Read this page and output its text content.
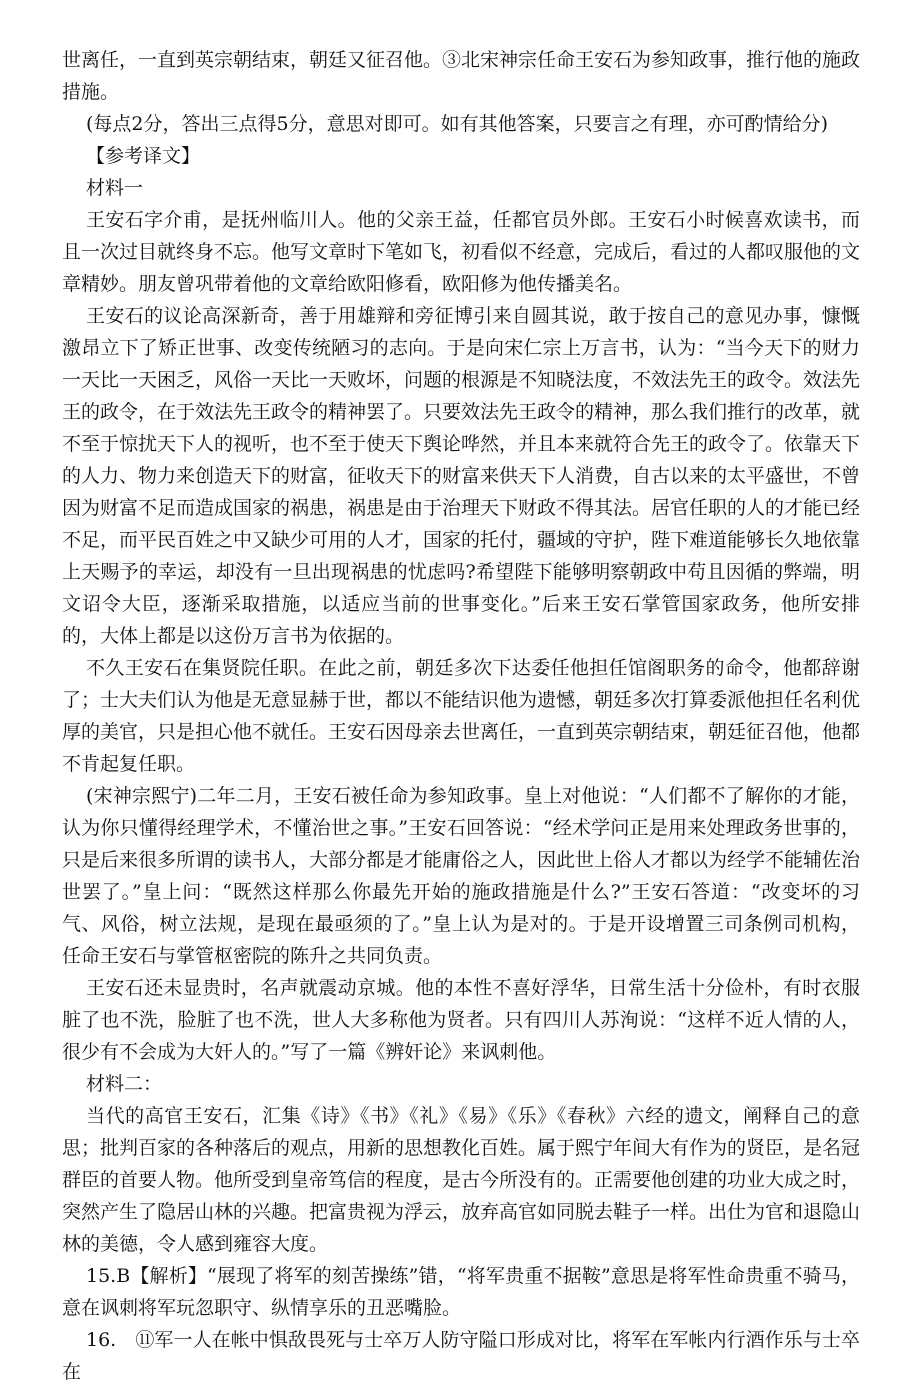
世离任，一直到英宗朝结束，朝廷又征召他。③北宋神宗任命王安石为参知政事，推行他的施政措施。

(每点2分，答出三点得5分，意思对即可。如有其他答案，只要言之有理，亦可酌情给分)

【参考译文】

材料一

王安石字介甫，是抚州临川人。他的父亲王益，任都官员外郎。王安石小时候喜欢读书，而且一次过目就终身不忘。他写文章时下笔如飞，初看似不经意，完成后，看过的人都叹服他的文章精妙。朋友曾巩带着他的文章给欧阳修看，欧阳修为他传播美名。

王安石的议论高深新奇，善于用雄辩和旁征博引来自圆其说，敢于按自己的意见办事，慷慨激昂立下了矫正世事、改变传统陋习的志向。于是向宋仁宗上万言书，认为：“当今天下的财力一天比一天困乏，风俗一天比一天败坏，问题的根源是不知晓法度，不效法先王的政令。效法先王的政令，在于效法先王政令的精神罢了。只要效法先王政令的精神，那么我们推行的改革，就不至于惊扰天下人的视听，也不至于使天下舆论哗然，并且本来就符合先王的政令了。依靠天下的人力、物力来创造天下的财富，征收天下的财富来供天下人消费，自古以来的太平盛世，不曾因为财富不足而造成国家的祸患，祸患是由于治理天下财政不得其法。居官任职的人的才能已经不足，而平民百姓之中又缺少可用的人才，国家的托付，疆域的守护，陛下难道能够长久地依靠上天赐予的幸运，却没有一旦出现祸患的忧虑吗?希望陛下能够明察朝政中苟且因循的弊端，明文诏令大臣，逐渐采取措施，以适应当前的世事变化。”后来王安石掌管国家政务，他所安排的，大体上都是以这份万言书为依据的。

不久王安石在集贤院任职。在此之前，朝廷多次下达委任他担任馆阁职务的命令，他都辞谢了；士大夫们认为他是无意显赫于世，都以不能结识他为遗憾，朝廷多次打算委派他担任名利优厚的美官，只是担心他不就任。王安石因母亲去世离任，一直到英宗朝结束，朝廷征召他，他都不肯起复任职。

(宋神宗熙宁)二年二月，王安石被任命为参知政事。皇上对他说：“人们都不了解你的才能，认为你只懂得经理学术，不懂治世之事。”王安石回答说：“经术学问正是用来处理政务世事的，只是后来很多所谓的读书人，大部分都是才能庸俗之人，因此世上俗人才都以为经学不能辅佐治世罢了。”皇上问：“既然这样那么你最先开始的施政措施是什么?”王安石答道：“改变坏的习气、风俗，树立法规，是现在最亟须的了。”皇上认为是对的。于是开设增置三司条例司机构，任命王安石与掌管枢密院的陈升之共同负责。

王安石还未显贵时，名声就震动京城。他的本性不喜好浮华，日常生活十分俭朴，有时衣服脏了也不洗，脸脏了也不洗，世人大多称他为贤者。只有四川人苏洵说：“这样不近人情的人，很少有不会成为大奸人的。”写了一篇《辨奸论》来讽刺他。

材料二：

当代的高官王安石，汇集《诗》《书》《礼》《易》《乐》《春秋》六经的遗文，阐释自己的意思；批判百家的各种落后的观点，用新的思想教化百姓。属于熙宁年间大有作为的贤臣，是名冠群臣的首要人物。他所受到皇帝笃信的程度，是古今所没有的。正需要他创建的功业大成之时，突然产生了隐居山林的兴趣。把富贵视为浮云，放弃高官如同脱去鞋子一样。出仕为官和退隐山林的美德，令人感到雍容大度。

15.B【解析】“展现了将军的刻苦操练”错，“将军贵重不据鞍”意思是将军性命贵重不骑马，意在讽刺将军玩忽职守、纵情享乐的丑恶嘴脸。

16.　⑪军一人在帐中惧敌畏死与士卒万人防守隘口形成对比，将军在军帐内行酒作乐与士卒在
